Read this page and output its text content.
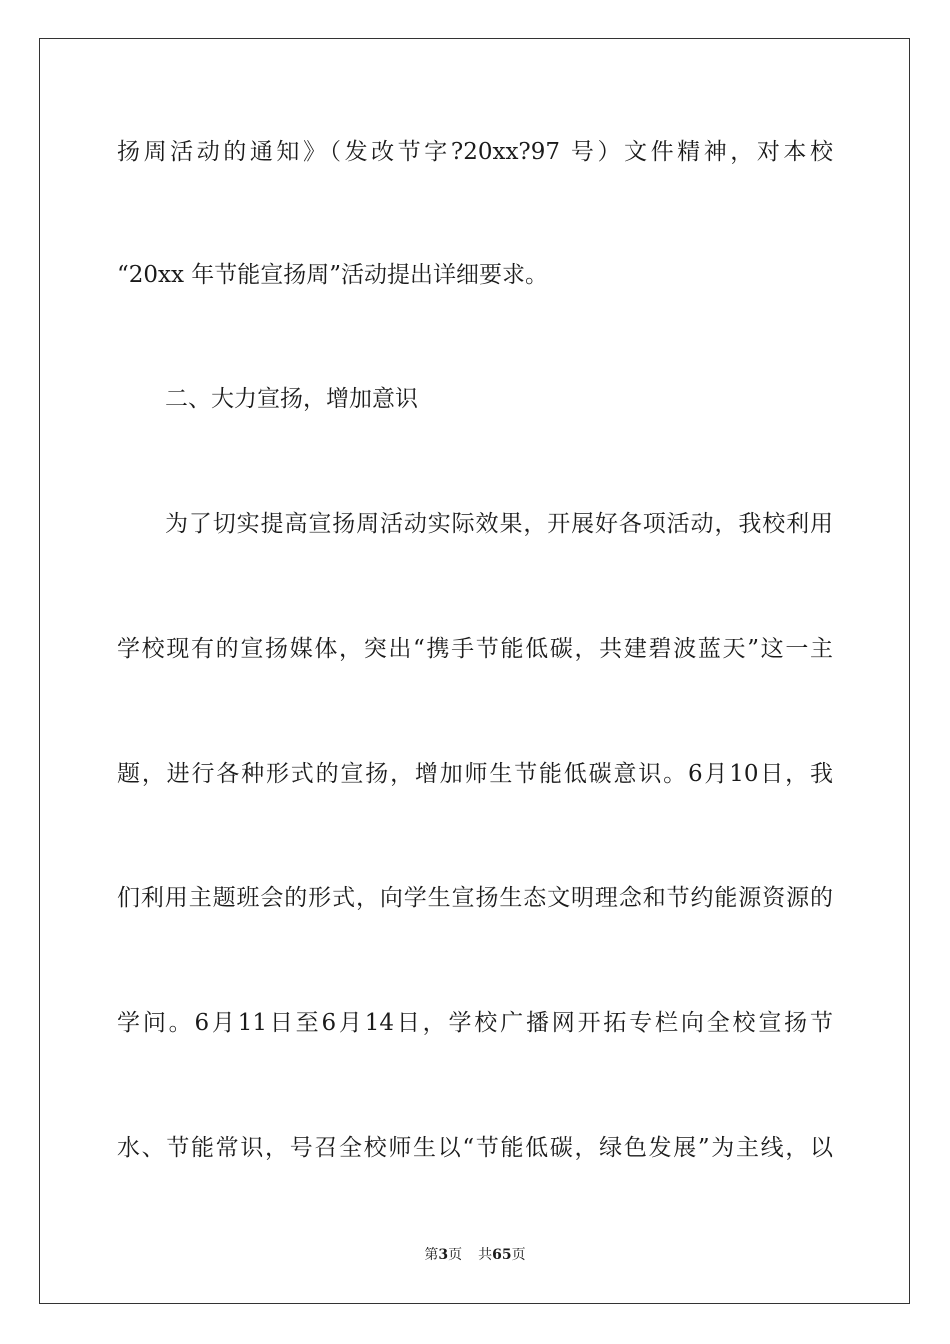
扬周活动的通知》（发改节字?20xx?97 号）文件精神，对本校
“20xx 年节能宣扬周”活动提出详细要求。
二、大力宣扬，增加意识
为了切实提高宣扬周活动实际效果，开展好各项活动，我校利用
学校现有的宣扬媒体，突出“携手节能低碳，共建碧波蓝天”这一主
题，进行各种形式的宣扬，增加师生节能低碳意识。6月10日，我
们利用主题班会的形式，向学生宣扬生态文明理念和节约能源资源的
学问。6月11日至6月14日，学校广播网开拓专栏向全校宣扬节
水、节能常识，号召全校师生以“节能低碳，绿色发展”为主线，以
第3页 共65页
